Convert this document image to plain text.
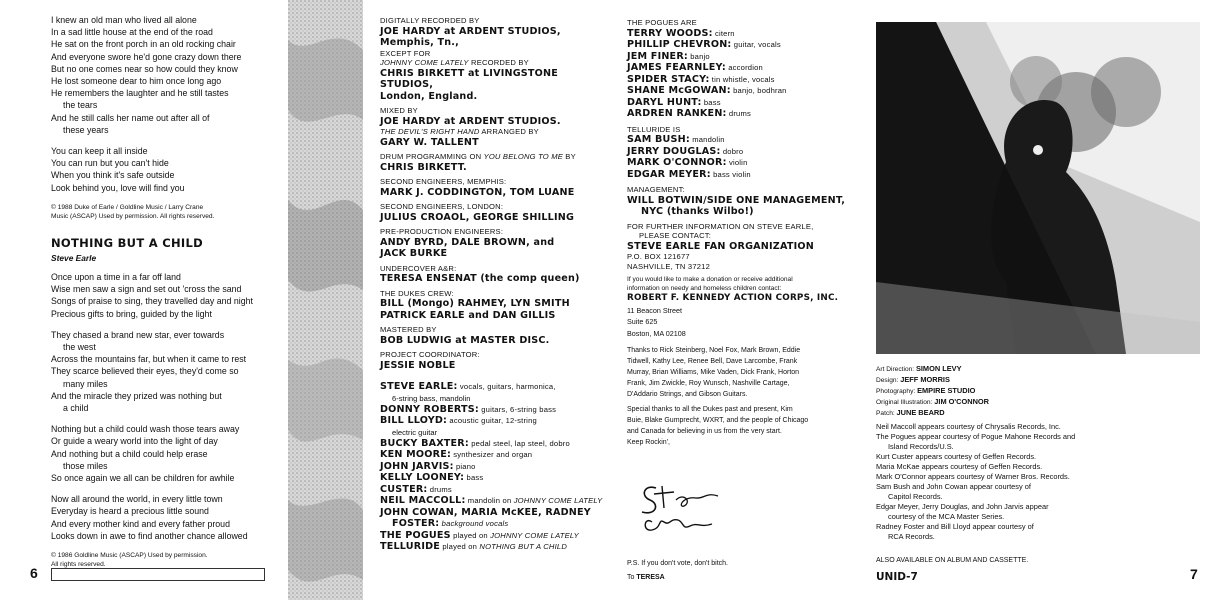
I knew an old man who lived all alone
In a sad little house at the end of the road
He sat on the front porch in an old rocking chair
And everyone swore he'd gone crazy down there
But no one comes near so how could they know
He lost someone dear to him once long ago
He remembers the laughter and he still tastes
the tears
And he still calls her name out after all of
these years
You can keep it all inside
You can run but you can't hide
When you think it's safe outside
Look behind you, love will find you
© 1988 Duke of Earle / Goldline Music / Larry Crane
Music (ASCAP) Used by permission. All rights reserved.
NOTHING BUT A CHILD
Steve Earle
Once upon a time in a far off land
Wise men saw a sign and set out 'cross the sand
Songs of praise to sing, they travelled day and night
Precious gifts to bring, guided by the light
They chased a brand new star, ever towards
the west
Across the mountains far, but when it came to rest
They scarce believed their eyes, they'd come so
many miles
And the miracle they prized was nothing but
a child
Nothing but a child could wash those tears away
Or guide a weary world into the light of day
And nothing but a child could help erase
those miles
So once again we all can be children for awhile
Now all around the world, in every little town
Everyday is heard a precious little sound
And every mother kind and every father proud
Looks down in awe to find another chance allowed
© 1986 Goldline Music (ASCAP) Used by permission.
All rights reserved.
6
DIGITALLY RECORDED BY
JOE HARDY at ARDENT STUDIOS,
Memphis, Tn.,
EXCEPT FOR
JOHNNY COME LATELY RECORDED BY
CHRIS BIRKETT at LIVINGSTONE STUDIOS,
London, England.
MIXED BY
JOE HARDY at ARDENT STUDIOS.
THE DEVIL'S RIGHT HAND ARRANGED BY
GARY W. TALLENT
DRUM PROGRAMMING ON YOU BELONG TO ME BY
CHRIS BIRKETT.
SECOND ENGINEERS, MEMPHIS:
MARK J. CODDINGTON, TOM LUANE
SECOND ENGINEERS, LONDON:
JULIUS CROAOL, GEORGE SHILLING
PRE-PRODUCTION ENGINEERS:
ANDY BYRD, DALE BROWN, and
JACK BURKE
UNDERCOVER A&R:
TERESA ENSENAT (the comp queen)
THE DUKES CREW:
BILL (Mongo) RAHMEY, LYN SMITH
PATRICK EARLE and DAN GILLIS
MASTERED BY
BOB LUDWIG at MASTER DISC.
PROJECT COORDINATOR:
JESSIE NOBLE
STEVE EARLE: vocals, guitars, harmonica,
6-string bass, mandolin
DONNY ROBERTS: guitars, 6-string bass
BILL LLOYD: acoustic guitar, 12-string
electric guitar
BUCKY BAXTER: pedal steel, lap steel, dobro
KEN MOORE: synthesizer and organ
JOHN JARVIS: piano
KELLY LOONEY: bass
CUSTER: drums
NEIL MACCOLL: mandolin on JOHNNY COME LATELY
JOHN COWAN, MARIA McKEE, RADNEY
FOSTER: background vocals
THE POGUES played on JOHNNY COME LATELY
TELLURIDE played on NOTHING BUT A CHILD
THE POGUES ARE
TERRY WOODS: citern
PHILLIP CHEVRON: guitar, vocals
JEM FINER: banjo
JAMES FEARNLEY: accordion
SPIDER STACY: tin whistle, vocals
SHANE McGOWAN: banjo, bodhran
DARYL HUNT: bass
ARDREN RANKEN: drums
TELLURIDE IS
SAM BUSH: mandolin
JERRY DOUGLAS: dobro
MARK O'CONNOR: violin
EDGAR MEYER: bass violin
MANAGEMENT:
WILL BOTWIN/SIDE ONE MANAGEMENT,
NYC (thanks Wilbo!)
FOR FURTHER INFORMATION ON STEVE EARLE,
PLEASE CONTACT:
STEVE EARLE FAN ORGANIZATION
P.O. BOX 121677
NASHVILLE, TN 37212
If you would like to make a donation or receive additional
information on needy and homeless children contact:
ROBERT F. KENNEDY ACTION CORPS, INC.
11 Beacon Street
Suite 625
Boston, MA 02108
Thanks to Rick Steinberg, Noel Fox, Mark Brown, Eddie
Tidwell, Kathy Lee, Renee Bell, Dave Larcombe, Frank
Murray, Brian Williams, Mike Vaden, Dick Frank, Horton
Frank, Jim Zwickle, Roy Wunsch, Nashville Cartage,
D'Addario Strings, and Gibson Guitars.
Special thanks to all the Dukes past and present, Kim
Buie, Blake Gumprecht, WXRT, and the people of Chicago
and Canada for believing in us from the very start.
Keep Rockin',
P.S. If you don't vote, don't bitch.
To TERESA
Art Direction: SIMON LEVY
Design: JEFF MORRIS
Photography: EMPIRE STUDIO
Original Illustration: JIM O'CONNOR
Patch: JUNE BEARD
Neil Maccoll appears courtesy of Chrysalis Records, Inc.
The Pogues appear courtesy of Pogue Mahone Records and
Island Records/U.S.
Kurt Custer appears courtesy of Geffen Records.
Maria McKae appears courtesy of Geffen Records.
Mark O'Connor appears courtesy of Warner Bros. Records.
Sam Bush and John Cowan appear courtesy of
Capitol Records.
Edgar Meyer, Jerry Douglas, and John Jarvis appear
courtesy of the MCA Master Series.
Radney Foster and Bill Lloyd appear courtesy of
RCA Records.
ALSO AVAILABLE ON ALBUM AND CASSETTE.
UNID-7	7
